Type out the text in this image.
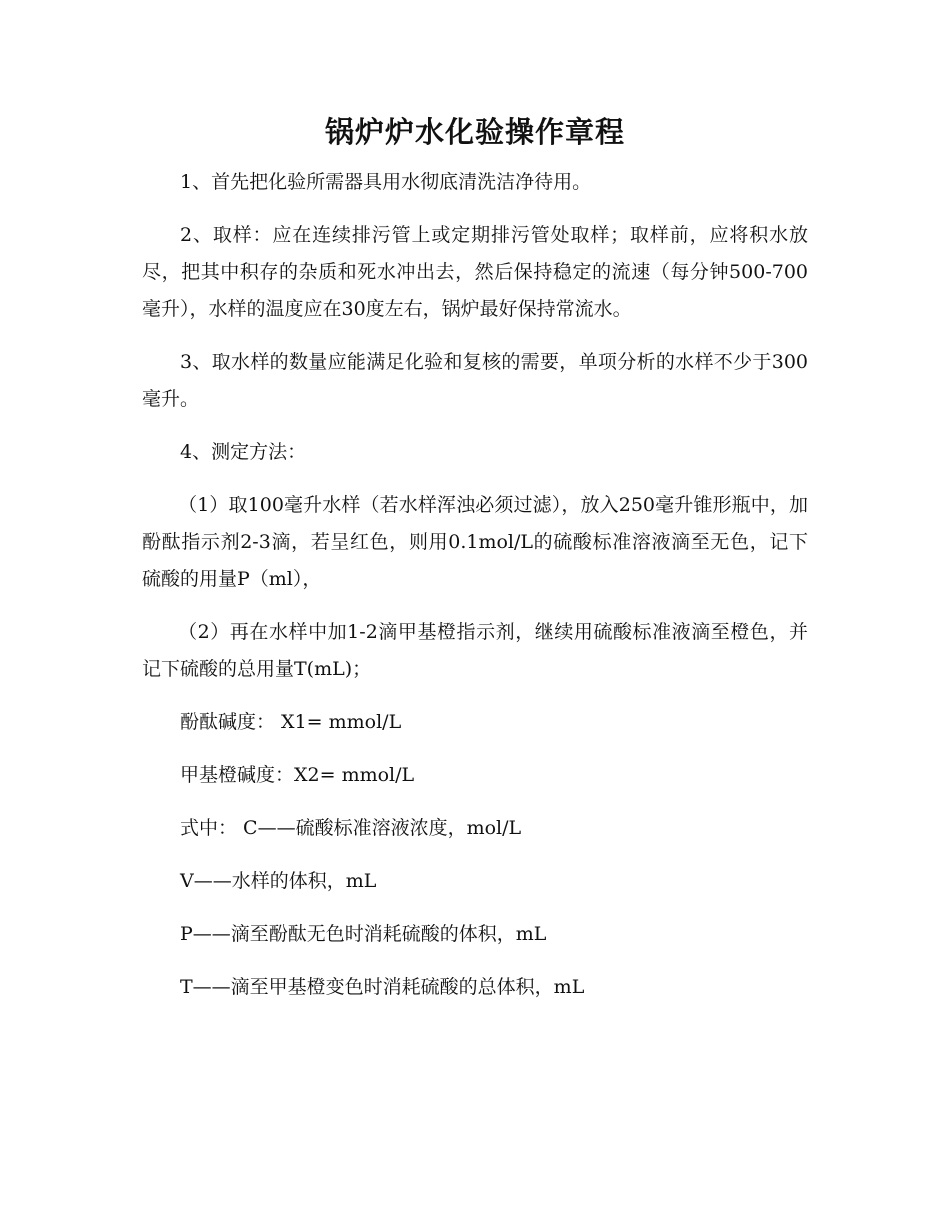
锅炉炉水化验操作章程

1、首先把化验所需器具用水彻底清洗洁净待用。

2、取样：应在连续排污管上或定期排污管处取样；取样前，应将积水放尽，把其中积存的杂质和死水冲出去，然后保持稳定的流速（每分钟500-700毫升），水样的温度应在30度左右，锅炉最好保持常流水。

3、取水样的数量应能满足化验和复核的需要，单项分析的水样不少于300毫升。

4、测定方法：

（1）取100毫升水样（若水样浑浊必须过滤），放入250毫升锥形瓶中，加酚酞指示剂2-3滴，若呈红色，则用0.1mol/L的硫酸标准溶液滴至无色，记下硫酸的用量P（ml），

（2）再在水样中加1-2滴甲基橙指示剂，继续用硫酸标准液滴至橙色，并记下硫酸的总用量T(mL)；

酚酞碱度： X1= mmol/L

甲基橙碱度：X2= mmol/L

式中： C——硫酸标准溶液浓度，mol/L

V——水样的体积，mL

P——滴至酚酞无色时消耗硫酸的体积，mL

T——滴至甲基橙变色时消耗硫酸的总体积，mL
